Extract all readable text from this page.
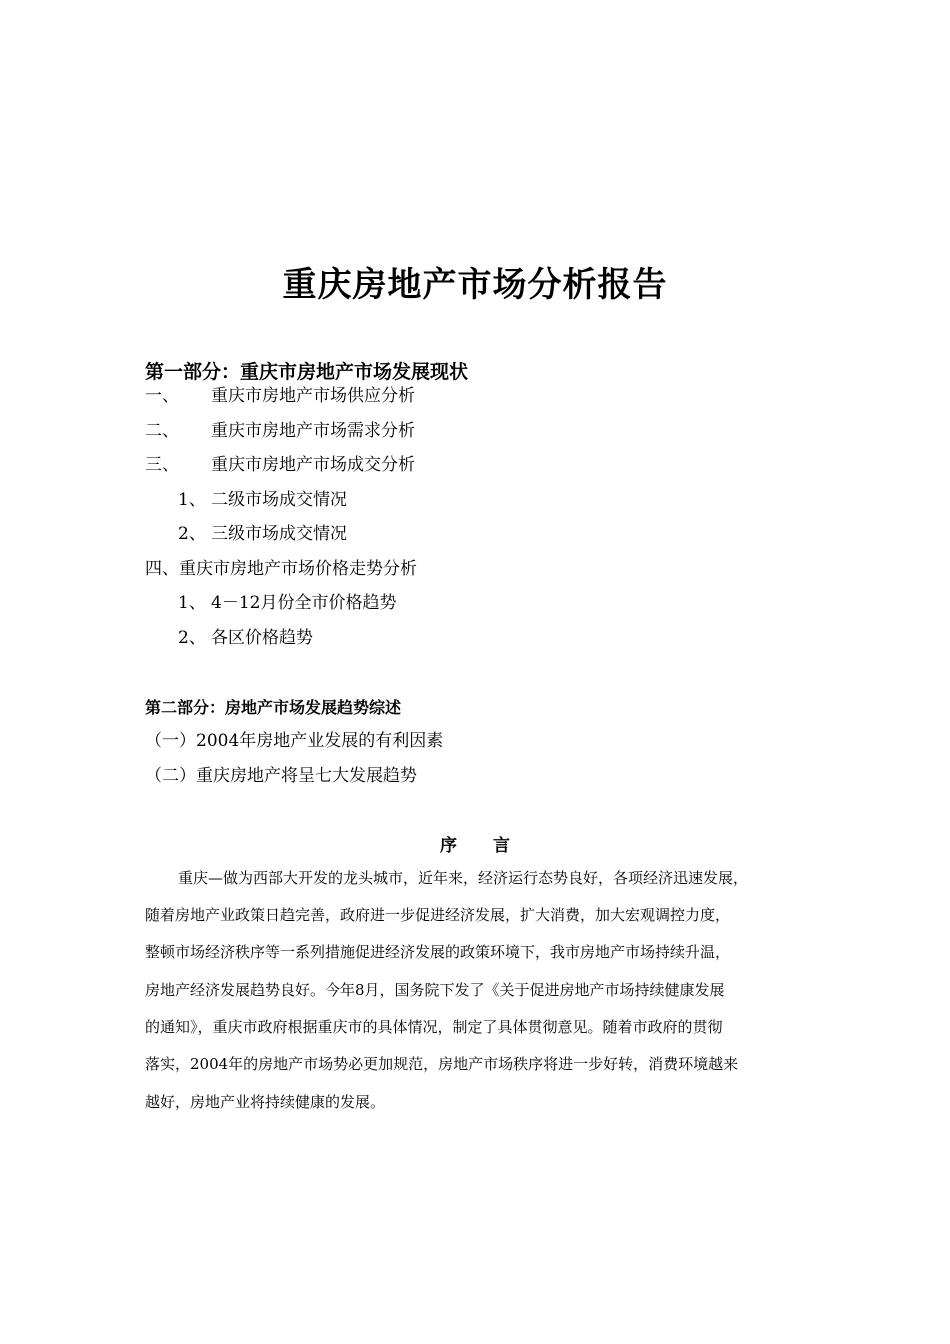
重庆房地产市场分析报告
第一部分：重庆市房地产市场发展现状
一、 重庆市房地产市场供应分析
二、 重庆市房地产市场需求分析
三、 重庆市房地产市场成交分析
1、 二级市场成交情况
2、 三级市场成交情况
四、重庆市房地产市场价格走势分析
1、 4－12月份全市价格趋势
2、 各区价格趋势
第二部分：房地产市场发展趋势综述
（一）2004年房地产业发展的有利因素
（二）重庆房地产将呈七大发展趋势
序 言
重庆—做为西部大开发的龙头城市，近年来，经济运行态势良好，各项经济迅速发展，
随着房地产业政策日趋完善，政府进一步促进经济发展，扩大消费，加大宏观调控力度，
整顿市场经济秩序等一系列措施促进经济发展的政策环境下，我市房地产市场持续升温，
房地产经济发展趋势良好。今年8月，国务院下发了《关于促进房地产市场持续健康发展
的通知》，重庆市政府根据重庆市的具体情况，制定了具体贯彻意见。随着市政府的贯彻
落实，2004年的房地产市场势必更加规范，房地产市场秩序将进一步好转，消费环境越来
越好，房地产业将持续健康的发展。
